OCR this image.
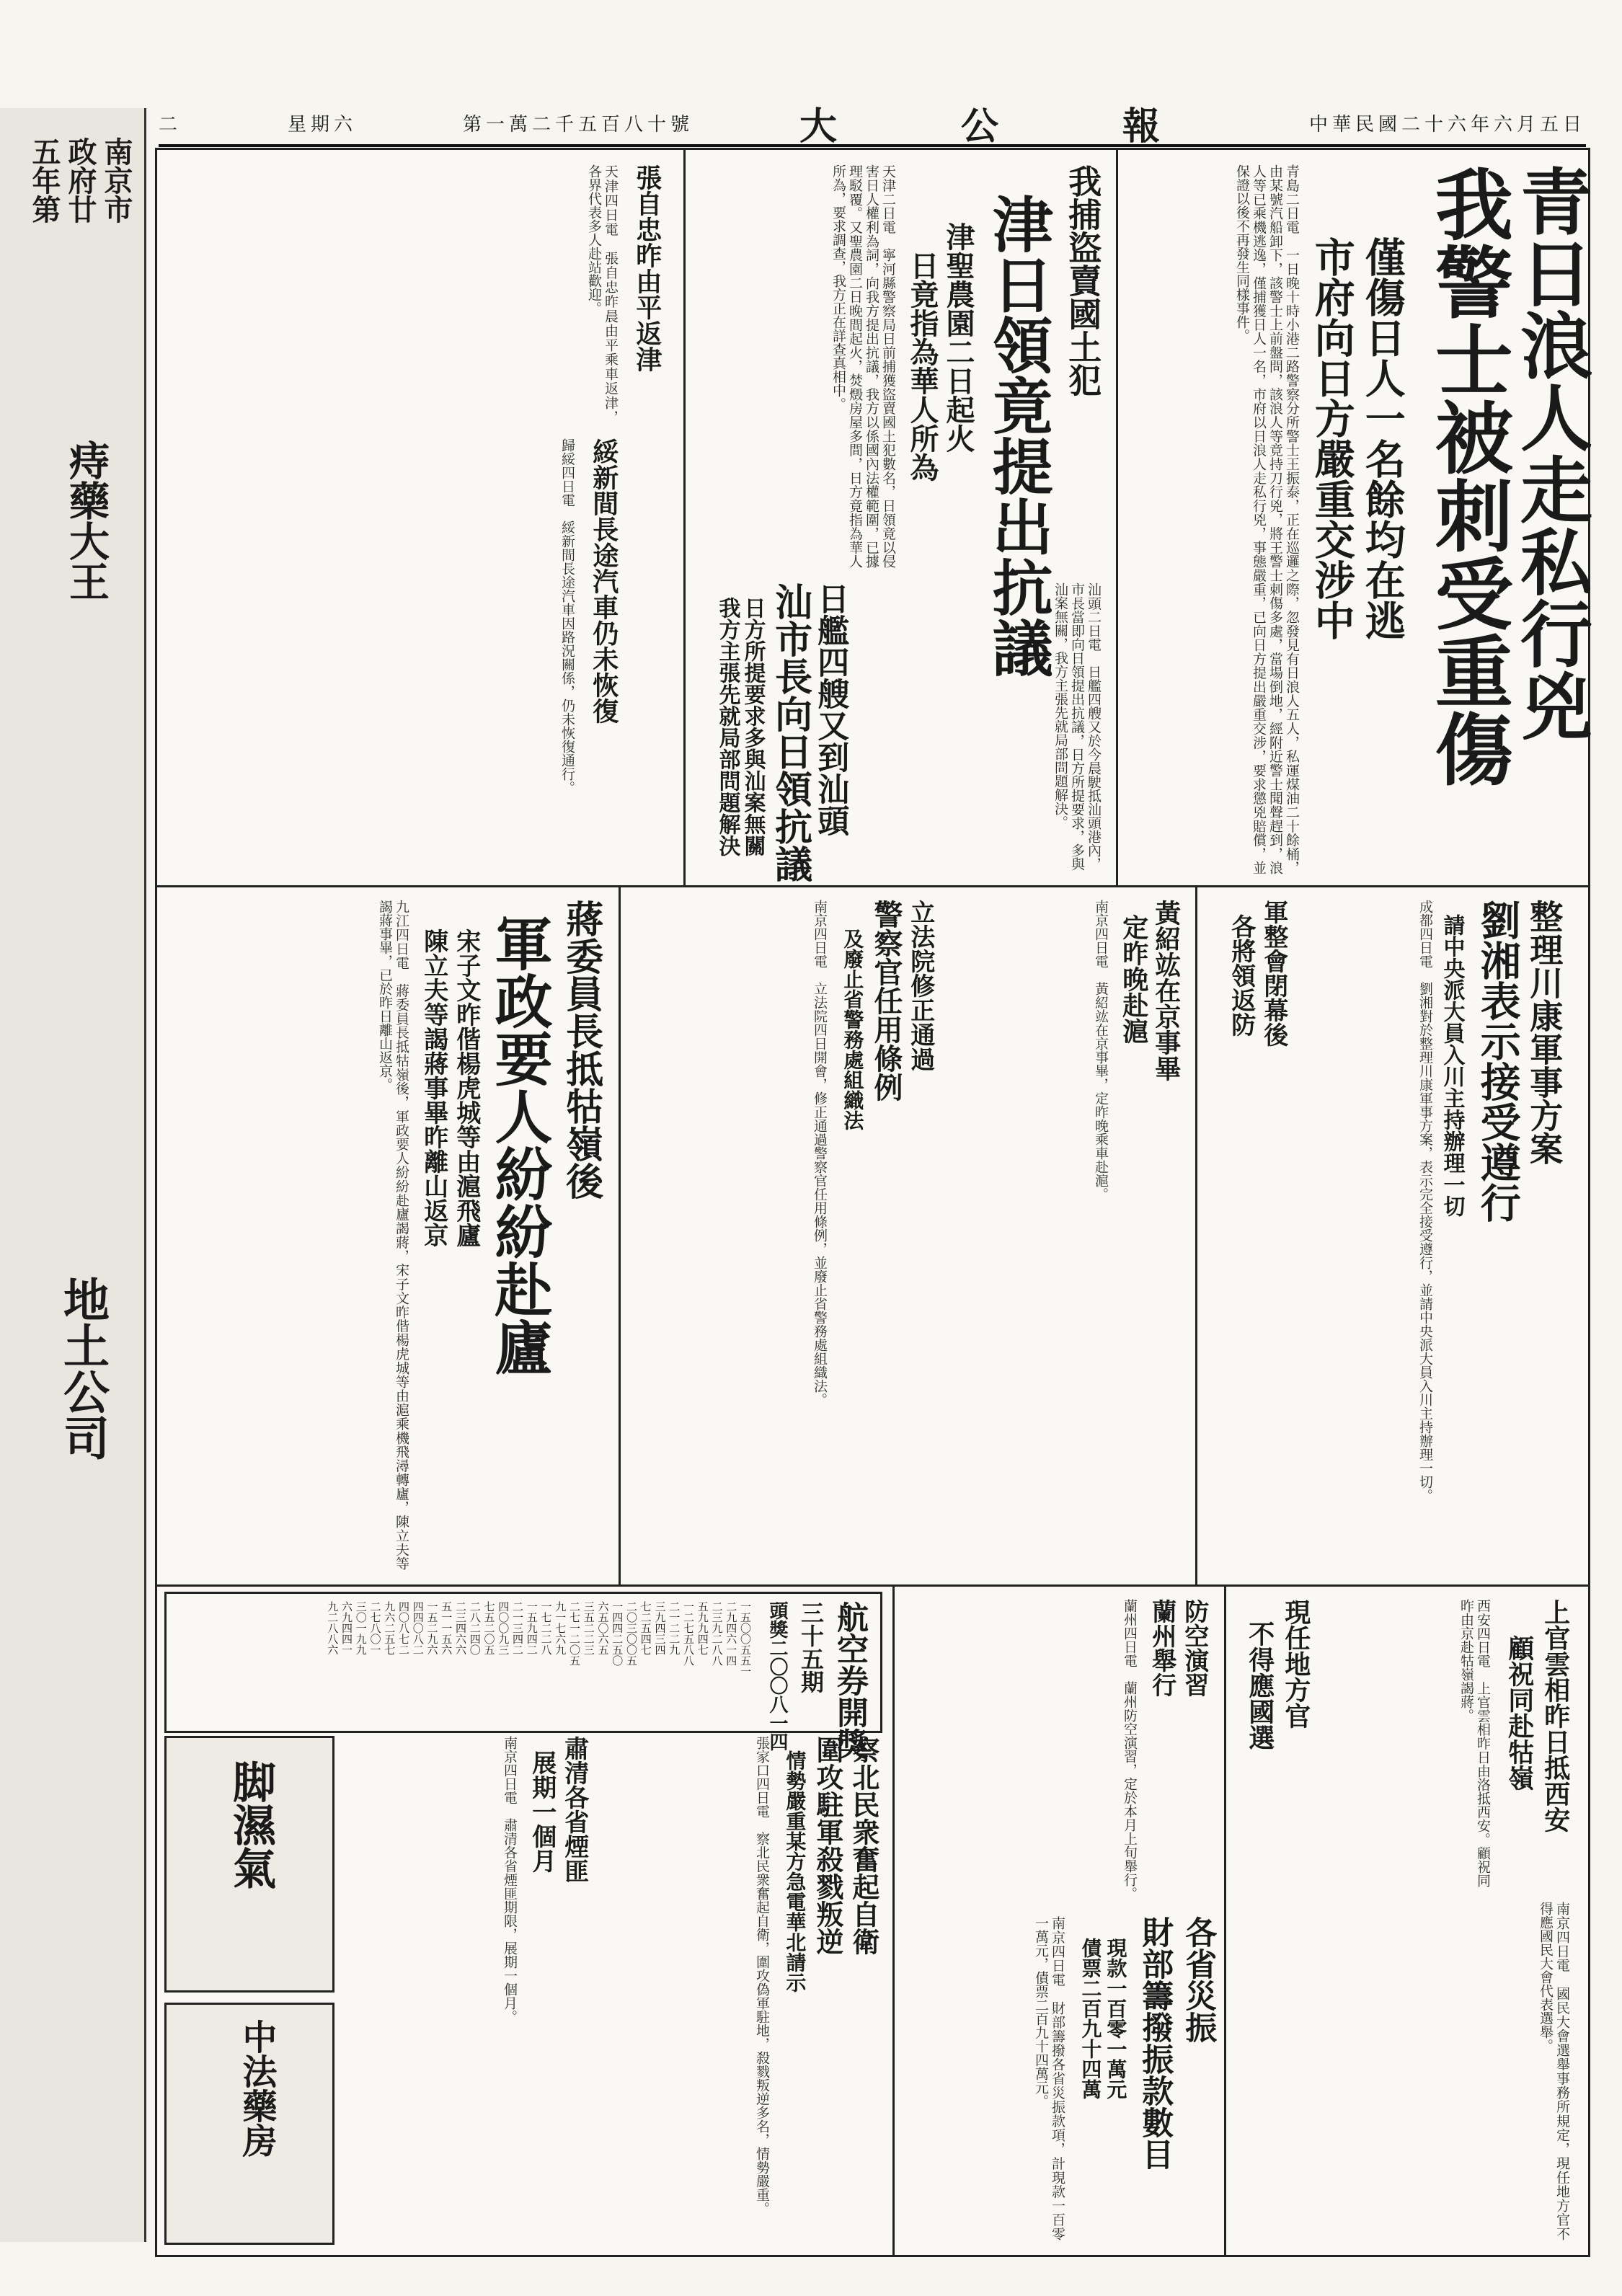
二	星期六	第一萬二千五百八十號	大　公　報	中華民國二十六年六月五日
南京市
政府廿
五年第
痔藥大王
地土公司
青日浪人走私行兇
我警士被刺受重傷
僅傷日人一名餘均在逃
市府向日方嚴重交涉中
青島二日電　一日晚十時小港二路警察分所警士王振泰，正在巡邏之際，忽發見有日浪人五人，私運煤油二十餘桶，由某號汽船卸下，該警士上前盤問，該浪人等竟持刀行兇，將王警士刺傷多處，當場倒地，經附近警士聞聲趕到，浪人等已乘機逃逸，僅捕獲日人一名，市府以日浪人走私行兇，事態嚴重，已向日方提出嚴重交涉，要求懲兇賠償，並保證以後不再發生同樣事件。
我捕盜賣國土犯
津日領竟提出抗議
津聖農園二日起火
日竟指為華人所為
天津二日電　寧河縣警察局日前捕獲盜賣國土犯數名，日領竟以侵害日人權利為詞，向我方提出抗議，我方以係國內法權範圍，已據理駁覆。又聖農園二日晚間起火，焚燬房屋多間，日方竟指為華人所為，要求調查，我方正在詳查真相中。
日艦四艘又到汕頭
汕市長向日領抗議
日方所提要求多與汕案無關
我方主張先就局部問題解決	汕頭二日電　日艦四艘又於今晨駛抵汕頭港內，市長當即向日領提出抗議，日方所提要求，多與汕案無關，我方主張先就局部問題解決。
張自忠昨由平返津
天津四日電　張自忠昨晨由平乘車返津，各界代表多人赴站歡迎。
綏新間長途汽車仍未恢復
歸綏四日電　綏新間長途汽車因路況關係，仍未恢復通行。
整理川康軍事方案
劉湘表示接受遵行
請中央派大員入川主持辦理一切
成都四日電　劉湘對於整理川康軍事方案，表示完全接受遵行，並請中央派大員入川主持辦理一切。
軍整會閉幕後
各將領返防
黃紹竑在京事畢
定昨晚赴滬
南京四日電　黃紹竑在京事畢，定昨晚乘車赴滬。
立法院修正通過
警察官任用條例
及廢止省警務處組織法
南京四日電　立法院四日開會，修正通過警察官任用條例，並廢止省警務處組織法。
蔣委員長抵牯嶺後
軍政要人紛紛赴廬
宋子文昨偕楊虎城等由滬飛廬
陳立夫等謁蔣事畢昨離山返京
九江四日電　蔣委員長抵牯嶺後，軍政要人紛紛赴廬謁蔣，宋子文昨偕楊虎城等由滬乘機飛潯轉廬，陳立夫等謁蔣事畢，已於昨日離山返京。
上官雲相昨日抵西安
顧祝同赴牯嶺
西安四日電　上官雲相昨日由洛抵西安。顧祝同昨由京赴牯嶺謁蔣。
現任地方官
不得應國選
南京四日電　國民大會選舉事務所規定，現任地方官不得應國民大會代表選舉。
防空演習
蘭州舉行
蘭州四日電　蘭州防空演習，定於本月上旬舉行。
各省災振
財部籌撥振款數目
現款一百零一萬元
債票二百九十四萬
南京四日電　財部籌撥各省災振款項，計現款一百零一萬元，債票二百九十四萬元。
察北民衆奮起自衛
圍攻駐軍殺戮叛逆
情勢嚴重某方急電華北請示
張家口四日電　察北民衆奮起自衛，圍攻偽軍駐地，殺戮叛逆多名，情勢嚴重。
肅清各省煙匪
展期一個月
南京四日電　肅清各省煙匪期限，展期一個月。
航空券開獎
三十五期
頭獎二〇〇八一四
一五〇〇五五一
二九四六一四
二三九二八八
五九九四七
一二七五八八
二一二二九
三九四三四
七二五四七
二〇三〇〇五
一四四二五〇
六五〇六五
三五二二三
二七一二〇五
九一七六九
一七二二八
一五九四二
二一三四二
四〇〇九三
七五二〇五
二八二四〇
二三四六六
五一一五六
一五二九六
四四〇八二
四〇八七二
九六二五七
二七八〇一
三〇一九九
六九四四一
九二八八六
脚濕氣
中法藥房
